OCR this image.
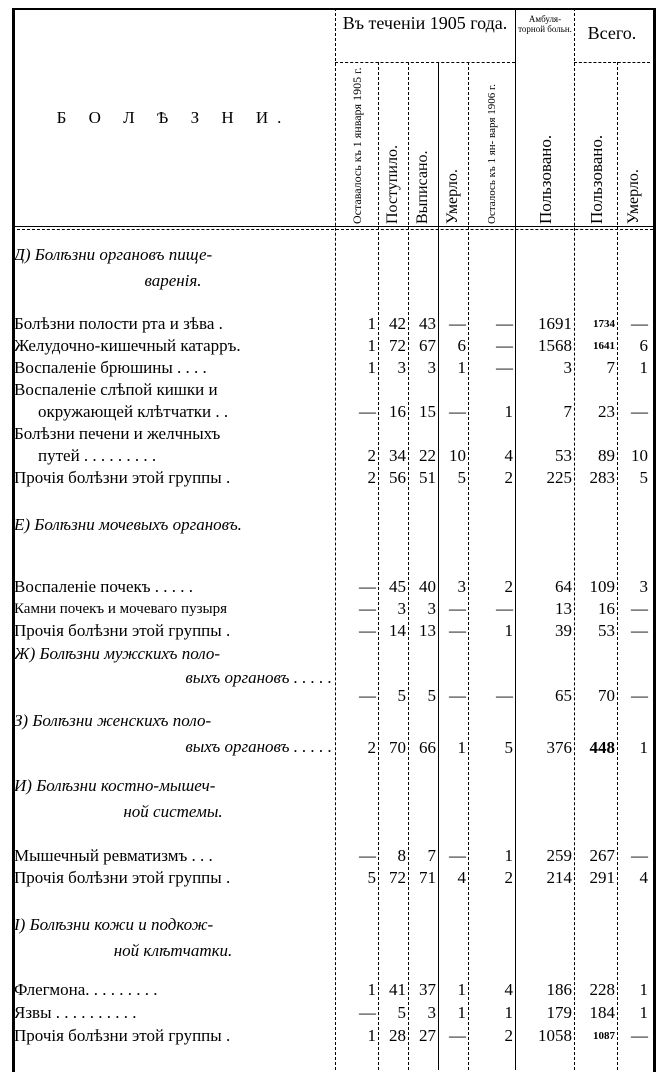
Б О Л Ѣ З Н И.
Въ теченіи 1905 года.	Амбуля- торной больн. Всего.
Оставалось къ 1 января 1905 г.	Поступило. Выписано. Умерло.	Осталось къ 1 ян- варя 1906 г.	Пользовано.	Пользовано.	Умерло.
Д) Болѣзни органовъ пище-
варенія.
Болѣзни полости рта и зѣва .	1 42 43 —	—	1691	1734 —
Желудочно-кишечный катарръ.	1 72 67	6	—	1568	1641	6
Воспаленіе брюшины . . . .	1	3	3	1	—	3	7	1
Воспаленіе слѣпой кишки и
окружающей клѣтчатки . .	— 16 15 —	1	7	23 —
Болѣзни печени и желчныхъ
путей . . . . . . . . .	2 34 22 10	4	53	89 10
Прочія болѣзни этой группы .	2 56 51	5	2	225	283	5
Е) Болѣзни мочевыхъ органовъ.
Воспаленіе почекъ . . . . .	— 45 40	3	2	64	109	3
Камни почекъ и мочеваго пузыря	—	3	3 —	—	13	16 —
Прочія болѣзни этой группы .	— 14 13 —	1	39	53 —
Ж) Болѣзни мужскихъ поло-
выхъ органовъ . . . . .
—	5	5 —	—	65	70 —
З) Болѣзни женскихъ поло-
выхъ органовъ . . . . .	2 70 66	1	5	376	448	1
И) Болѣзни костно-мышеч-
ной системы.
Мышечный ревматизмъ . . .	—	8	7 —	1	259	267 —
Прочія болѣзни этой группы .	5 72 71	4	2	214	291	4
І) Болѣзни кожи и подкож-
ной клѣтчатки.
Флегмона. . . . . . . . .	1 41 37	1	4	186	228	1
Язвы . . . . . . . . . .	—	5	3	1	1	179	184	1
Прочія болѣзни этой группы .	1 28 27 —	2	1058	1087 —
